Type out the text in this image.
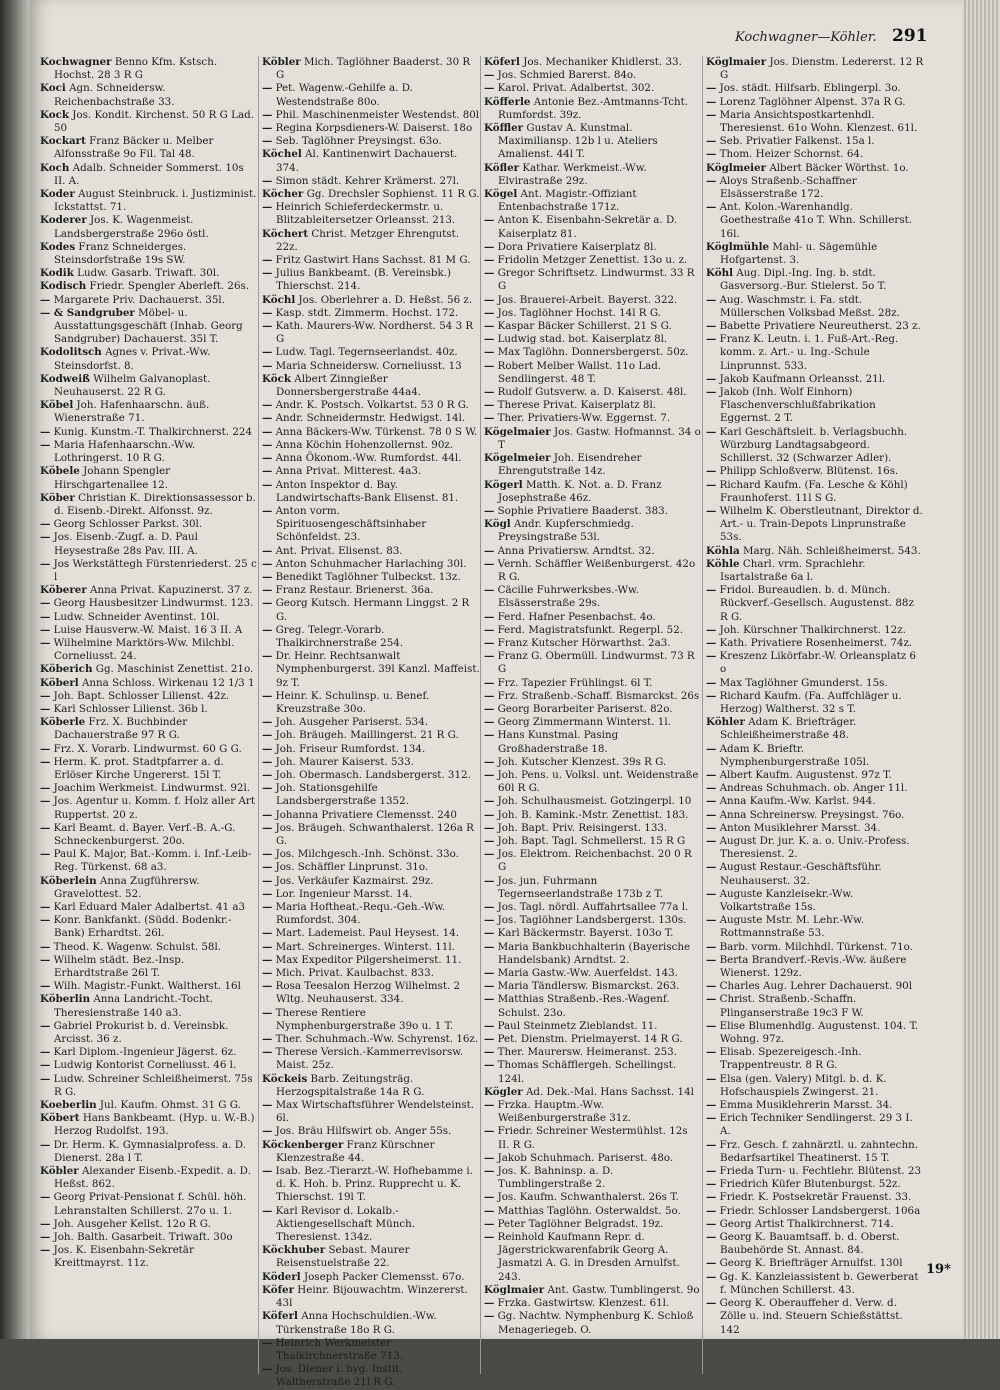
Kochwagner—Köhler. 291

Kochwagner Benno Kfm. Kstsch. Hochst. 28 3 R G

Koci Agn. Schneidersw. Reichenbachstraße 33.

Kock Jos. Kondit. Kirchenst. 50 R G Lad. 50

Kockart Franz Bäcker u. Melber Alfonsstraße 9o Fil. Tal 48.

Koch Adalb. Schneider Sommerst. 10s II. A.

Koder August Steinbruck. i. Justizminist. Ickstattst. 71.

Koderer Jos. K. Wagenmeist. Landsbergerstraße 296o östl.

Kodes Franz Schneiderges. Steinsdorfstraße 19s SW.

Kodik Ludw. Gasarb. Triwaft. 30l.

Kodisch Friedr. Spengler Aberleft. 26s.

— Margarete Priv. Dachauerst. 35l.

— & Sandgruber Möbel- u. Ausstattungsgeschäft (Inhab. Georg Sandgruber) Dachauerst. 35l T.

Kodolitsch Agnes v. Privat.-Ww. Steinsdorfst. 8.

Kodweiß Wilhelm Galvanoplast. Neuhauserst. 22 R G.

Köbel Joh. Hafenhaarschn. äuß. Wienerstraße 71.

— Kunig. Kunstm.-T. Thalkirchnerst. 224

— Maria Hafenhaarschn.-Ww. Lothringerst. 10 R G.

Köbele Johann Spengler Hirschgartenallee 12.

Köber Christian K. Direktionsassessor b. d. Eisenb.-Direkt. Alfonsst. 9z.

— Georg Schlosser Parkst. 30l.

— Jos. Eisenb.-Zugf. a. D. Paul Heysestraße 28s Pav. III. A.

— Jos Werkstättegh Fürstenriederst. 25 c l

Köberer Anna Privat. Kapuzinerst. 37 z.

— Georg Hausbesitzer Lindwurmst. 123.

— Ludw. Schneider Aventinst. 10l.

— Luise Hausverw.-W. Maist. 16 3 II. A

— Wilhelmine Marktörs-Ww. Milchbl. Corneliusst. 24.

Köberich Gg. Maschinist Zenettist. 21o.

Köberl Anna Schloss. Wirkenau 12 1/3 1

— Joh. Bapt. Schlosser Lilienst. 42z.

— Karl Schlosser Lilienst. 36b l.

Köberle Frz. X. Buchbinder Dachauerstraße 97 R G.

— Frz. X. Vorarb. Lindwurmst. 60 G G.

— Herm. K. prot. Stadtpfarrer a. d. Erlöser Kirche Ungererst. 15l T.

— Joachim Werkmeist. Lindwurmst. 92l.

— Jos. Agentur u. Komm. f. Holz aller Art Ruppertst. 20 z.

— Karl Beamt. d. Bayer. Verf.-B. A.-G. Schneckenburgerst. 20o.

— Paul K. Major, Bat.-Komm. i. Inf.-Leib-Reg. Türkenst. 68 a3.

Köberlein Anna Zugführersw. Gravelottest. 52.

— Karl Eduard Maler Adalbertst. 41 a3

— Konr. Bankfankt. (Südd. Bodenkr.-Bank) Erhardtst. 26l.

— Theod. K. Wagenw. Schulst. 58l.

— Wilhelm städt. Bez.-Insp. Erhardtstraße 26l T.

— Wilh. Magistr.-Funkt. Waltherst. 16l

Köberlin Anna Landricht.-Tocht. Theresienstraße 140 a3.

— Gabriel Prokurist b. d. Vereinsbk. Arcisst. 36 z.

— Karl Diplom.-Ingenieur Jägerst. 6z.

— Ludwig Kontorist Corneliusst. 46 l.

— Ludw. Schreiner Schleißheimerst. 75s R G.

Koeberlin Jul. Kaufm. Ohmst. 31 G G.

Köbert Hans Bankbeamt. (Hyp. u. W.-B.) Herzog Rudolfst. 193.

— Dr. Herm. K. Gymnasialprofess. a. D. Dienerst. 28a l T.

Köbler Alexander Eisenb.-Expedit. a. D. Heßst. 862.

— Georg Privat-Pensionat f. Schül. höh. Lehranstalten Schillerst. 27o u. 1.

— Joh. Ausgeher Kellst. 12o R G.

— Joh. Balth. Gasarbeit. Triwaft. 30o

— Jos. K. Eisenbahn-Sekretär Kreittmayrst. 11z.

Köbler Mich. Taglöhner Baaderst. 30 R G

— Pet. Wagenw.-Gehilfe a. D. Westendstraße 80o.

— Phil. Maschinenmeister Westendst. 80l

— Regina Korpsdieners-W. Daiserst. 18o

— Seb. Taglöhner Preysingst. 63o.

Köchel Al. Kantinenwirt Dachauerst. 374.

— Simon städt. Kehrer Krämerst. 27l.

Köcher Gg. Drechsler Sophienst. 11 R G.

— Heinrich Schieferdeckermstr. u. Blitzableitersetzer Orleansst. 213.

Köchert Christ. Metzger Ehrengutst. 22z.

— Fritz Gastwirt Hans Sachsst. 81 M G.

— Julius Bankbeamt. (B. Vereinsbk.) Thierschst. 214.

Köchl Jos. Oberlehrer a. D. Heßst. 56 z.

— Kasp. stdt. Zimmerm. Hochst. 172.

— Kath. Maurers-Ww. Nordherst. 54 3 R G

— Ludw. Tagl. Tegernseerlandst. 40z.

— Maria Schneidersw. Corneliusst. 13

Köck Albert Zinngießer Donnersbergerstraße 44a4.

— Andr. K. Postsch. Volkartst. 53 0 R G.

— Andr. Schneidermstr. Hedwigst. 14l.

— Anna Bäckers-Ww. Türkenst. 78 0 S W.

— Anna Köchin Hohenzollernst. 90z.

— Anna Ökonom.-Ww. Rumfordst. 44l.

— Anna Privat. Mitterest. 4a3.

— Anton Inspektor d. Bay. Landwirtschafts-Bank Elisenst. 81.

— Anton vorm. Spirituosengeschäftsinhaber Schönfeldst. 23.

— Ant. Privat. Elisenst. 83.

— Anton Schuhmacher Harlaching 30l.

— Benedikt Taglöhner Tulbeckst. 13z.

— Franz Restaur. Brienerst. 36a.

— Georg Kutsch. Hermann Linggst. 2 R G.

— Greg. Telegr.-Vorarb. Thalkirchnerstraße 254.

— Dr. Heinr. Rechtsanwalt Nymphenburgerst. 39l Kanzl. Maffeist. 9z T.

— Heinr. K. Schulinsp. u. Benef. Kreuzstraße 30o.

— Joh. Ausgeher Pariserst. 534.

— Joh. Bräugeh. Maillingerst. 21 R G.

— Joh. Friseur Rumfordst. 134.

— Joh. Maurer Kaiserst. 533.

— Joh. Obermasch. Landsbergerst. 312.

— Joh. Stationsgehilfe Landsbergerstraße 1352.

— Johanna Privatiere Clemensst. 240

— Jos. Bräugeh. Schwanthalerst. 126a R G.

— Jos. Milchgesch.-Inh. Schönst. 33o.

— Jos. Schäffler Linprunst. 31o.

— Jos. Verkäufer Kazmairst. 29z.

— Lor. Ingenieur Marsst. 14.

— Maria Hoftheat.-Requ.-Geh.-Ww. Rumfordst. 304.

— Mart. Lademeist. Paul Heysest. 14.

— Mart. Schreinerges. Winterst. 11l.

— Max Expeditor Pilgersheimerst. 11.

— Mich. Privat. Kaulbachst. 833.

— Rosa Teesalon Herzog Wilhelmst. 2 Wltg. Neuhauserst. 334.

— Therese Rentiere Nymphenburgerstraße 39o u. 1 T.

— Ther. Schuhmach.-Ww. Schyrenst. 16z.

— Therese Versich.-Kammerrevisorsw. Maist. 25z.

Köckeis Barb. Zeitungsträg. Herzogspitalstraße 14a R G.

— Max Wirtschaftsführer Wendelsteinst. 6l.

— Jos. Bräu Hilfswirt ob. Anger 55s.

Köckenberger Franz Kürschner Klenzestraße 44.

— Isab. Bez.-Tierarzt.-W. Hofhebamme i. d. K. Hoh. b. Prinz. Rupprecht u. K. Thierschst. 19l T.

— Karl Revisor d. Lokalb.-Aktiengesellschaft Münch. Theresienst. 134z.

Köckhuber Sebast. Maurer Reisenstuelstraße 22.

Köderl Joseph Packer Clemensst. 67o.

Köfer Heinr. Bijouwachtm. Winzererst. 43l

Köferl Anna Hochschuldien.-Ww. Türkenstraße 18o R G.

— Heinrich Werkmeister Thalkirchnerstraße 713.

— Jos. Diener i. hyg. Instit. Waltherstraße 21l R G.

Köferl Jos. Mechaniker Khidlerst. 33.

— Jos. Schmied Barerst. 84o.

— Karol. Privat. Adalbertst. 302.

Köfferle Antonie Bez.-Amtmanns-Tcht. Rumfordst. 39z.

Köffler Gustav A. Kunstmal. Maximiliansp. 12b l u. Ateliers Amalienst. 44l T.

Köfler Kathar. Werkmeist.-Ww. Elvirastraße 29z.

Kögel Ant. Magistr.-Offiziant Entenbachstraße 171z.

— Anton K. Eisenbahn-Sekretär a. D. Kaiserplatz 81.

— Dora Privatiere Kaiserplatz 8l.

— Fridolin Metzger Zenettist. 13o u. z.

— Gregor Schriftsetz. Lindwurmst. 33 R G

— Jos. Brauerei-Arbeit. Bayerst. 322.

— Jos. Taglöhner Hochst. 14l R G.

— Kaspar Bäcker Schillerst. 21 S G.

— Ludwig stad. bot. Kaiserplatz 8l.

— Max Taglöhn. Donnersbergerst. 50z.

— Robert Melber Wallst. 11o Lad. Sendlingerst. 48 T.

— Rudolf Gutsverw. a. D. Kaiserst. 48l.

— Therese Privat. Kaiserplatz 8l.

— Ther. Privatiers-Ww. Eggernst. 7.

Kögelmaier Jos. Gastw. Hofmannst. 34 o T

Kögelmeier Joh. Eisendreher Ehrengutstraße 14z.

Kögerl Matth. K. Not. a. D. Franz Josephstraße 46z.

— Sophie Privatiere Baaderst. 383.

Kögl Andr. Kupferschmiedg. Preysingstraße 53l.

— Anna Privatiersw. Arndtst. 32.

— Vernh. Schäffler Weißenburgerst. 42o R G.

— Cäcilie Fuhrwerksbes.-Ww. Elsässerstraße 29s.

— Ferd. Hafner Pesenbachst. 4o.

— Ferd. Magistratsfunkt. Regerpl. 52.

— Franz Kutscher Hörwarthst. 2a3.

— Franz G. Obermüll. Lindwurmst. 73 R G

— Frz. Tapezier Frühlingst. 6l T.

— Frz. Straßenb.-Schaff. Bismarckst. 26s

— Georg Borarbeiter Pariserst. 82o.

— Georg Zimmermann Winterst. 1l.

— Hans Kunstmal. Pasing Großhaderstraße 18.

— Joh. Kutscher Klenzest. 39s R G.

— Joh. Pens. u. Volksl. unt. Weidenstraße 60l R G.

— Joh. Schulhausmeist. Gotzingerpl. 10

— Joh. B. Kamink.-Mstr. Zenettist. 183.

— Joh. Bapt. Priv. Reisingerst. 133.

— Joh. Bapt. Tagl. Schmellerst. 15 R G

— Jos. Elektrom. Reichenbachst. 20 0 R G

— Jos. jun. Fuhrmann Tegernseerlandstraße 173b z T.

— Jos. Tagl. nördl. Auffahrtsallee 77a l.

— Jos. Taglöhner Landsbergerst. 130s.

— Karl Bäckermstr. Bayerst. 103o T.

— Maria Bankbuchhalterin (Bayerische Handelsbank) Arndtst. 2.

— Maria Gastw.-Ww. Auerfeldst. 143.

— Maria Tändlersw. Bismarckst. 263.

— Matthias Straßenb.-Res.-Wagenf. Schulst. 23o.

— Paul Steinmetz Zieblandst. 11.

— Pet. Dienstm. Prielmayerst. 14 R G.

— Ther. Maurersw. Heimeranst. 253.

— Thomas Schäfflergeh. Schellingst. 124l.

Kögler Ad. Dek.-Mal. Hans Sachsst. 14l

— Frzka. Hauptm.-Ww. Weißenburgerstraße 31z.

— Friedr. Schreiner Westermühlst. 12s II. R G.

— Jakob Schuhmach. Pariserst. 48o.

— Jos. K. Bahninsp. a. D. Tumblingerstraße 2.

— Jos. Kaufm. Schwanthalerst. 26s T.

— Matthias Taglöhn. Osterwaldst. 5o.

— Peter Taglöhner Belgradst. 19z.

— Reinhold Kaufmann Repr. d. Jägerstrickwarenfabrik Georg A. Jasmatzi A. G. in Dresden Arnulfst. 243.

Köglmaier Ant. Gastw. Tumblingerst. 9o

— Frzka. Gastwirtsw. Klenzest. 61l.

— Gg. Nachtw. Nymphenburg K. Schloß Menageriegeb. O.

Köglmaier Jos. Dienstm. Ledererst. 12 R G

— Jos. städt. Hilfsarb. Eblingerpl. 3o.

— Lorenz Taglöhner Alpenst. 37a R G.

— Maria Ansichtspostkartenhdl. Theresienst. 61o Wohn. Klenzest. 61l.

— Seb. Privatier Falkenst. 15a l.

— Thom. Heizer Schornst. 64.

Köglmeier Albert Bäcker Wörthst. 1o.

— Aloys Straßenb.-Schaffner Elsässerstraße 172.

— Ant. Kolon.-Warenhandlg. Goethestraße 41o T. Whn. Schillerst. 16l.

Köglmühle Mahl- u. Sägemühle Hofgartenst. 3.

Köhl Aug. Dipl.-Ing. Ing. b. stdt. Gasversorg.-Bur. Stielerst. 5o T.

— Aug. Waschmstr. i. Fa. stdt. Müllerschen Volksbad Meßst. 28z.

— Babette Privatiere Neureutherst. 23 z.

— Franz K. Leutn. i. 1. Fuß-Art.-Reg. komm. z. Art.- u. Ing.-Schule Linprunnst. 533.

— Jakob Kaufmann Orleansst. 21l.

— Jakob (Inh. Wolf Einhorn) Flaschenverschlußfabrikation Eggernst. 2 T.

— Karl Geschäftsleit. b. Verlagsbuchh. Würzburg Landtagsabgeord. Schillerst. 32 (Schwarzer Adler).

— Philipp Schloßverw. Blütenst. 16s.

— Richard Kaufm. (Fa. Lesche & Köhl) Fraunhoferst. 11l S G.

— Wilhelm K. Oberstleutnant, Direktor d. Art.- u. Train-Depots Linprunstraße 53s.

Köhla Marg. Näh. Schleißheimerst. 543.

Köhle Charl. vrm. Sprachlehr. Isartalstraße 6a l.

— Fridol. Bureaudien. b. d. Münch. Rückverf.-Gesellsch. Augustenst. 88z R G.

— Joh. Kürschner Thalkirchnerst. 12z.

— Kath. Privatiere Rosenheimerst. 74z.

— Kreszenz Likörfabr.-W. Orleansplatz 6 o

— Max Taglöhner Gmunderst. 15s.

— Richard Kaufm. (Fa. Auffchläger u. Herzog) Waltherst. 32 s T.

Köhler Adam K. Briefträger. Schleißheimerstraße 48.

— Adam K. Brieftr. Nymphenburgerstraße 105l.

— Albert Kaufm. Augustenst. 97z T.

— Andreas Schuhmach. ob. Anger 11l.

— Anna Kaufm.-Ww. Karlst. 944.

— Anna Schreinersw. Preysingst. 76o.

— Anton Musiklehrer Marsst. 34.

— August Dr. jur. K. a. o. Univ.-Profess. Theresienst. 2.

— August Restaur.-Geschäftsführ. Neuhauserst. 32.

— Auguste Kanzleisekr.-Ww. Volkartstraße 15s.

— Auguste Mstr. M. Lehr.-Ww. Rottmannstraße 53.

— Barb. vorm. Milchhdl. Türkenst. 71o.

— Berta Brandverf.-Revis.-Ww. äußere Wienerst. 129z.

— Charles Aug. Lehrer Dachauerst. 90l

— Christ. Straßenb.-Schaffn. Plinganserstraße 19c3 F W.

— Elise Blumenhdlg. Augustenst. 104. T. Wohng. 97z.

— Elisab. Spezereigesch.-Inh. Trappentreustr. 8 R G.

— Elsa (gen. Valery) Mitgl. b. d. K. Hofschauspiels Zwingerst. 21.

— Emma Musiklehrerin Marsst. 34.

— Erich Techniker Sendlingerst. 29 3 I. A.

— Frz. Gesch. f. zahnärztl. u. zahntechn. Bedarfsartikel Theatinerst. 15 T.

— Frieda Turn- u. Fechtlehr. Blütenst. 23

— Friedrich Küfer Blutenburgst. 52z.

— Friedr. K. Postsekretär Frauenst. 33.

— Friedr. Schlosser Landsbergerst. 106a

— Georg Artist Thalkirchnerst. 714.

— Georg K. Bauamtsaff. b. d. Oberst. Baubehörde St. Annast. 84.

— Georg K. Briefträger Arnulfst. 130l

— Gg. K. Kanzleiassistent b. Gewerberat f. München Schillerst. 43.

— Georg K. Oberauffeher d. Verw. d. Zölle u. ind. Steuern Schießstättst. 142

19*
